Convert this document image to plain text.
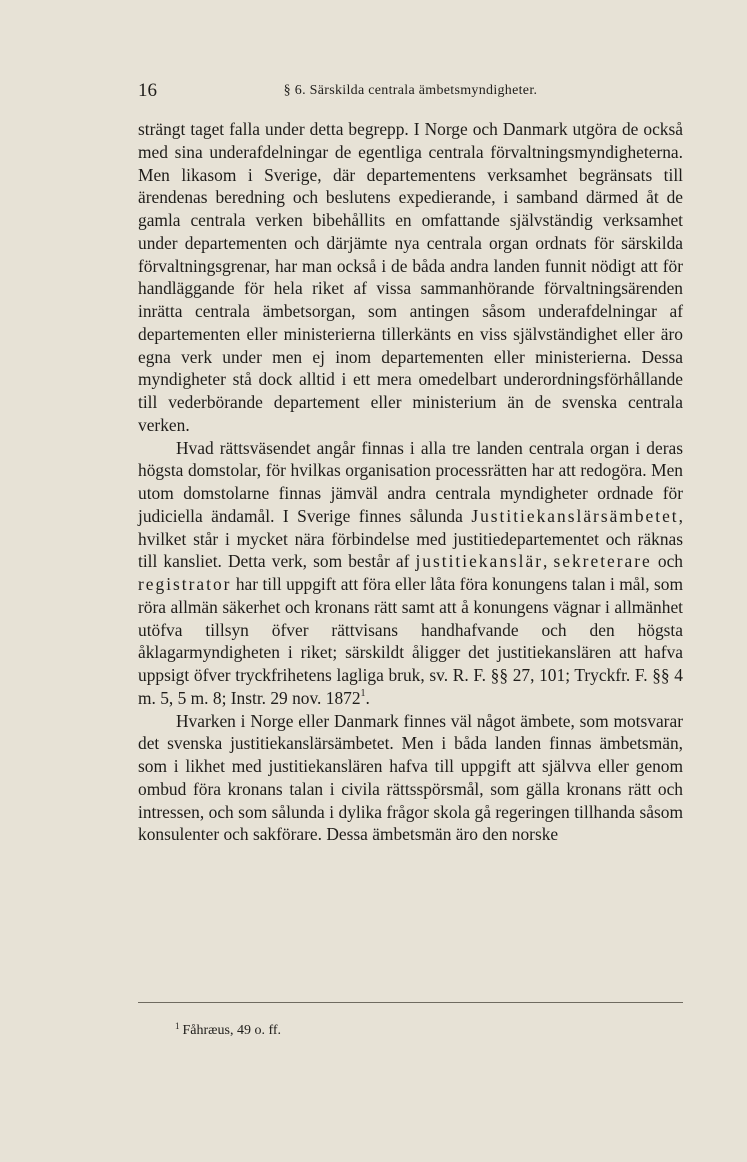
16	§ 6. Särskilda centrala ämbetsmyndigheter.

strängt taget falla under detta begrepp. I Norge och Danmark utgöra de också med sina underafdelningar de egentliga centrala förvaltningsmyndigheterna. Men likasom i Sverige, där departementens verksamhet begränsats till ärendenas beredning och beslutens expedierande, i samband därmed åt de gamla centrala verken bibehållits en omfattande självständig verksamhet under departementen och därjämte nya centrala organ ordnats för särskilda förvaltningsgrenar, har man också i de båda andra landen funnit nödigt att för handläggande för hela riket af vissa sammanhörande förvaltningsärenden inrätta centrala ämbetsorgan, som antingen såsom underafdelningar af departementen eller ministerierna tillerkänts en viss självständighet eller äro egna verk under men ej inom departementen eller ministerierna. Dessa myndigheter stå dock alltid i ett mera omedelbart underordningsförhållande till vederbörande departement eller ministerium än de svenska centrala verken.

Hvad rättsväsendet angår finnas i alla tre landen centrala organ i deras högsta domstolar, för hvilkas organisation processrätten har att redogöra. Men utom domstolarne finnas jämväl andra centrala myndigheter ordnade för judiciella ändamål. I Sverige finnes sålunda Justitiekanslärsämbetet, hvilket står i mycket nära förbindelse med justitiedepartementet och räknas till kansliet. Detta verk, som består af justitiekanslär, sekreterare och registrator har till uppgift att föra eller låta föra konungens talan i mål, som röra allmän säkerhet och kronans rätt samt att å konungens vägnar i allmänhet utöfva tillsyn öfver rättvisans handhafvande och den högsta åklagarmyndigheten i riket; särskildt åligger det justitiekanslären att hafva uppsigt öfver tryckfrihetens lagliga bruk, sv. R. F. §§ 27, 101; Tryckfr. F. §§ 4 m. 5, 5 m. 8; Instr. 29 nov. 1872$^1$.

Hvarken i Norge eller Danmark finnes väl något ämbete, som motsvarar det svenska justitiekanslärsämbetet. Men i båda landen finnas ämbetsmän, som i likhet med justitiekanslären hafva till uppgift att självva eller genom ombud föra kronans talan i civila rättsspörsmål, som gälla kronans rätt och intressen, och som sålunda i dylika frågor skola gå regeringen tillhanda såsom konsulenter och sakförare. Dessa ämbetsmän äro den norske

$^1$ Fåhræus, 49 o. ff.
